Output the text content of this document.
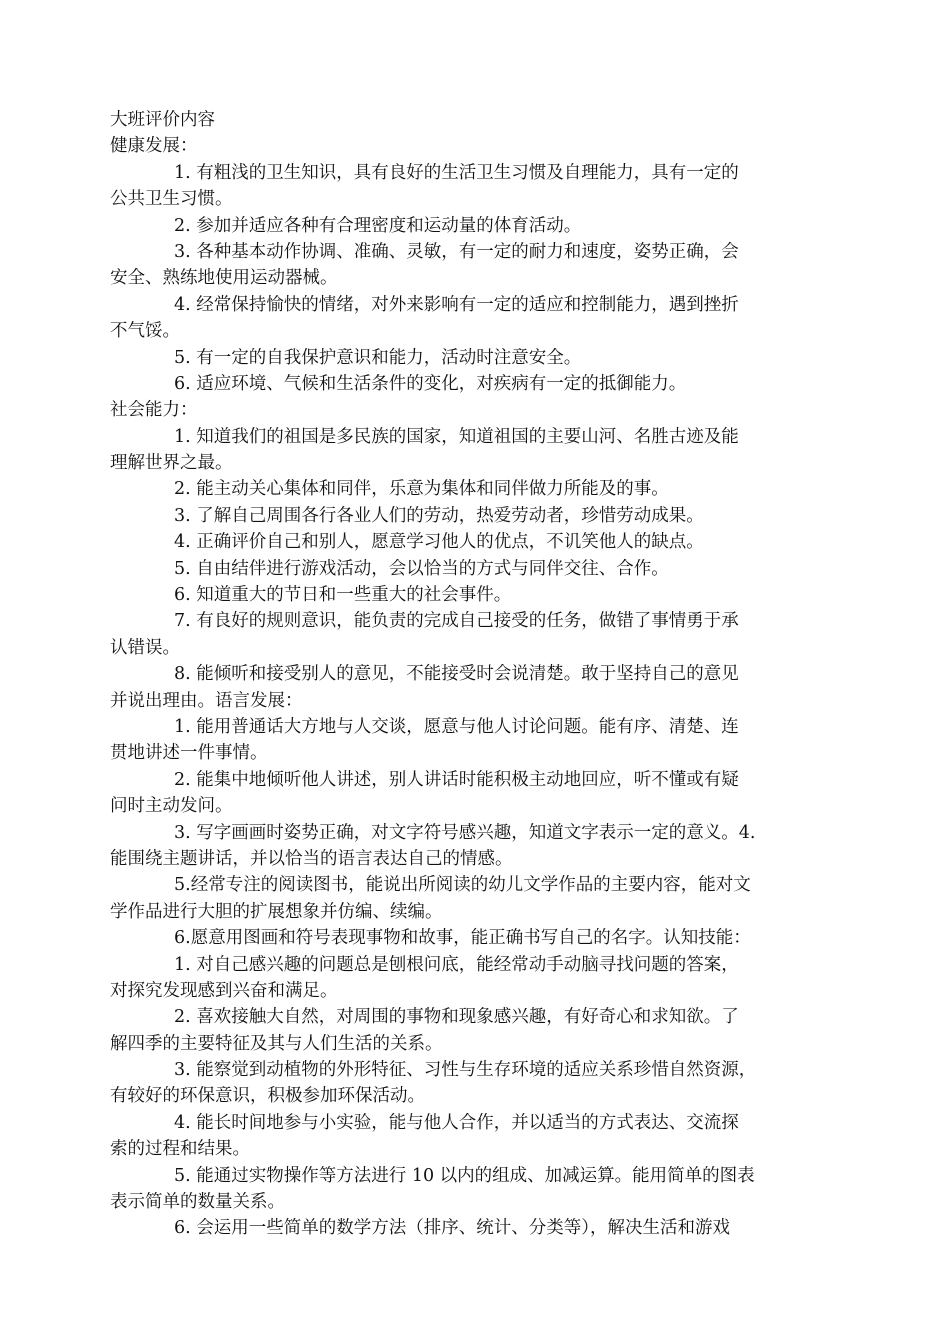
大班评价内容
健康发展：
1. 有粗浅的卫生知识，具有良好的生活卫生习惯及自理能力，具有一定的
公共卫生习惯。
2. 参加并适应各种有合理密度和运动量的体育活动。
3. 各种基本动作协调、准确、灵敏，有一定的耐力和速度，姿势正确，会
安全、熟练地使用运动器械。
4. 经常保持愉快的情绪，对外来影响有一定的适应和控制能力，遇到挫折
不气馁。
5. 有一定的自我保护意识和能力，活动时注意安全。
6. 适应环境、气候和生活条件的变化，对疾病有一定的抵御能力。
社会能力：
1. 知道我们的祖国是多民族的国家，知道祖国的主要山河、名胜古迹及能
理解世界之最。
2. 能主动关心集体和同伴，乐意为集体和同伴做力所能及的事。
3. 了解自己周围各行各业人们的劳动，热爱劳动者，珍惜劳动成果。
4. 正确评价自己和别人，愿意学习他人的优点，不讥笑他人的缺点。
5. 自由结伴进行游戏活动，会以恰当的方式与同伴交往、合作。
6. 知道重大的节日和一些重大的社会事件。
7. 有良好的规则意识，能负责的完成自己接受的任务，做错了事情勇于承
认错误。
8. 能倾听和接受别人的意见，不能接受时会说清楚。敢于坚持自己的意见
并说出理由。语言发展：
1. 能用普通话大方地与人交谈，愿意与他人讨论问题。能有序、清楚、连
贯地讲述一件事情。
2. 能集中地倾听他人讲述，别人讲话时能积极主动地回应，听不懂或有疑
问时主动发问。
3. 写字画画时姿势正确，对文字符号感兴趣，知道文字表示一定的意义。4.
能围绕主题讲话，并以恰当的语言表达自己的情感。
5.经常专注的阅读图书，能说出所阅读的幼儿文学作品的主要内容，能对文
学作品进行大胆的扩展想象并仿编、续编。
6.愿意用图画和符号表现事物和故事，能正确书写自己的名字。认知技能：
1. 对自己感兴趣的问题总是刨根问底，能经常动手动脑寻找问题的答案，
对探究发现感到兴奋和满足。
2. 喜欢接触大自然，对周围的事物和现象感兴趣，有好奇心和求知欲。了
解四季的主要特征及其与人们生活的关系。
3. 能察觉到动植物的外形特征、习性与生存环境的适应关系珍惜自然资源，
有较好的环保意识，积极参加环保活动。
4. 能长时间地参与小实验，能与他人合作，并以适当的方式表达、交流探
索的过程和结果。
5. 能通过实物操作等方法进行 10 以内的组成、加减运算。能用简单的图表
表示简单的数量关系。
6. 会运用一些简单的数学方法（排序、统计、分类等），解决生活和游戏
